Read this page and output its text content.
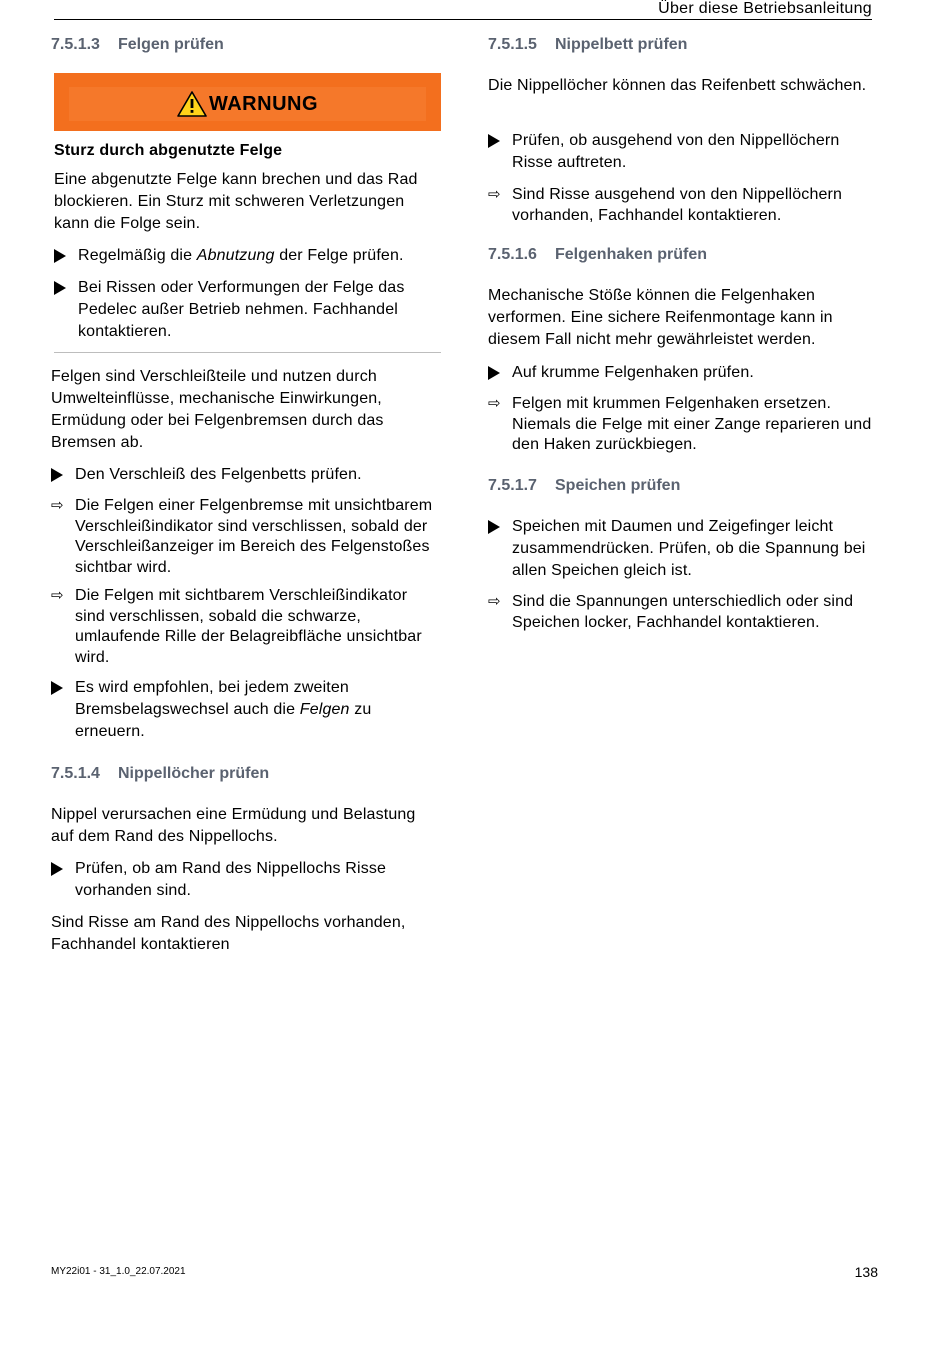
Über diese Betriebsanleitung
7.5.1.3 Felgen prüfen
WARNUNG
Sturz durch abgenutzte Felge
Eine abgenutzte Felge kann brechen und das Rad blockieren. Ein Sturz mit schweren Verletzungen kann die Folge sein.
Regelmäßig die Abnutzung der Felge prüfen.
Bei Rissen oder Verformungen der Felge das Pedelec außer Betrieb nehmen. Fachhandel kontaktieren.
Felgen sind Verschleißteile und nutzen durch Umwelteinflüsse, mechanische Einwirkungen, Ermüdung oder bei Felgenbremsen durch das Bremsen ab.
Den Verschleiß des Felgenbetts prüfen.
⇨ Die Felgen einer Felgenbremse mit unsichtbarem Verschleißindikator sind verschlissen, sobald der Verschleißanzeiger im Bereich des Felgenstoßes sichtbar wird.
⇨ Die Felgen mit sichtbarem Verschleißindikator sind verschlissen, sobald die schwarze, umlaufende Rille der Belagreibfläche unsichtbar wird.
Es wird empfohlen, bei jedem zweiten Bremsbelagswechsel auch die Felgen zu erneuern.
7.5.1.4 Nippellöcher prüfen
Nippel verursachen eine Ermüdung und Belastung auf dem Rand des Nippellochs.
Prüfen, ob am Rand des Nippellochs Risse vorhanden sind.
Sind Risse am Rand des Nippellochs vorhanden, Fachhandel kontaktieren
7.5.1.5 Nippelbett prüfen
Die Nippellöcher können das Reifenbett schwächen.
Prüfen, ob ausgehend von den Nippellöchern Risse auftreten.
⇨ Sind Risse ausgehend von den Nippellöchern vorhanden, Fachhandel kontaktieren.
7.5.1.6 Felgenhaken prüfen
Mechanische Stöße können die Felgenhaken verformen. Eine sichere Reifenmontage kann in diesem Fall nicht mehr gewährleistet werden.
Auf krumme Felgenhaken prüfen.
⇨ Felgen mit krummen Felgenhaken ersetzen. Niemals die Felge mit einer Zange reparieren und den Haken zurückbiegen.
7.5.1.7 Speichen prüfen
Speichen mit Daumen und Zeigefinger leicht zusammendrücken. Prüfen, ob die Spannung bei allen Speichen gleich ist.
⇨ Sind die Spannungen unterschiedlich oder sind Speichen locker, Fachhandel kontaktieren.
MY22i01 - 31_1.0_22.07.2021	138
